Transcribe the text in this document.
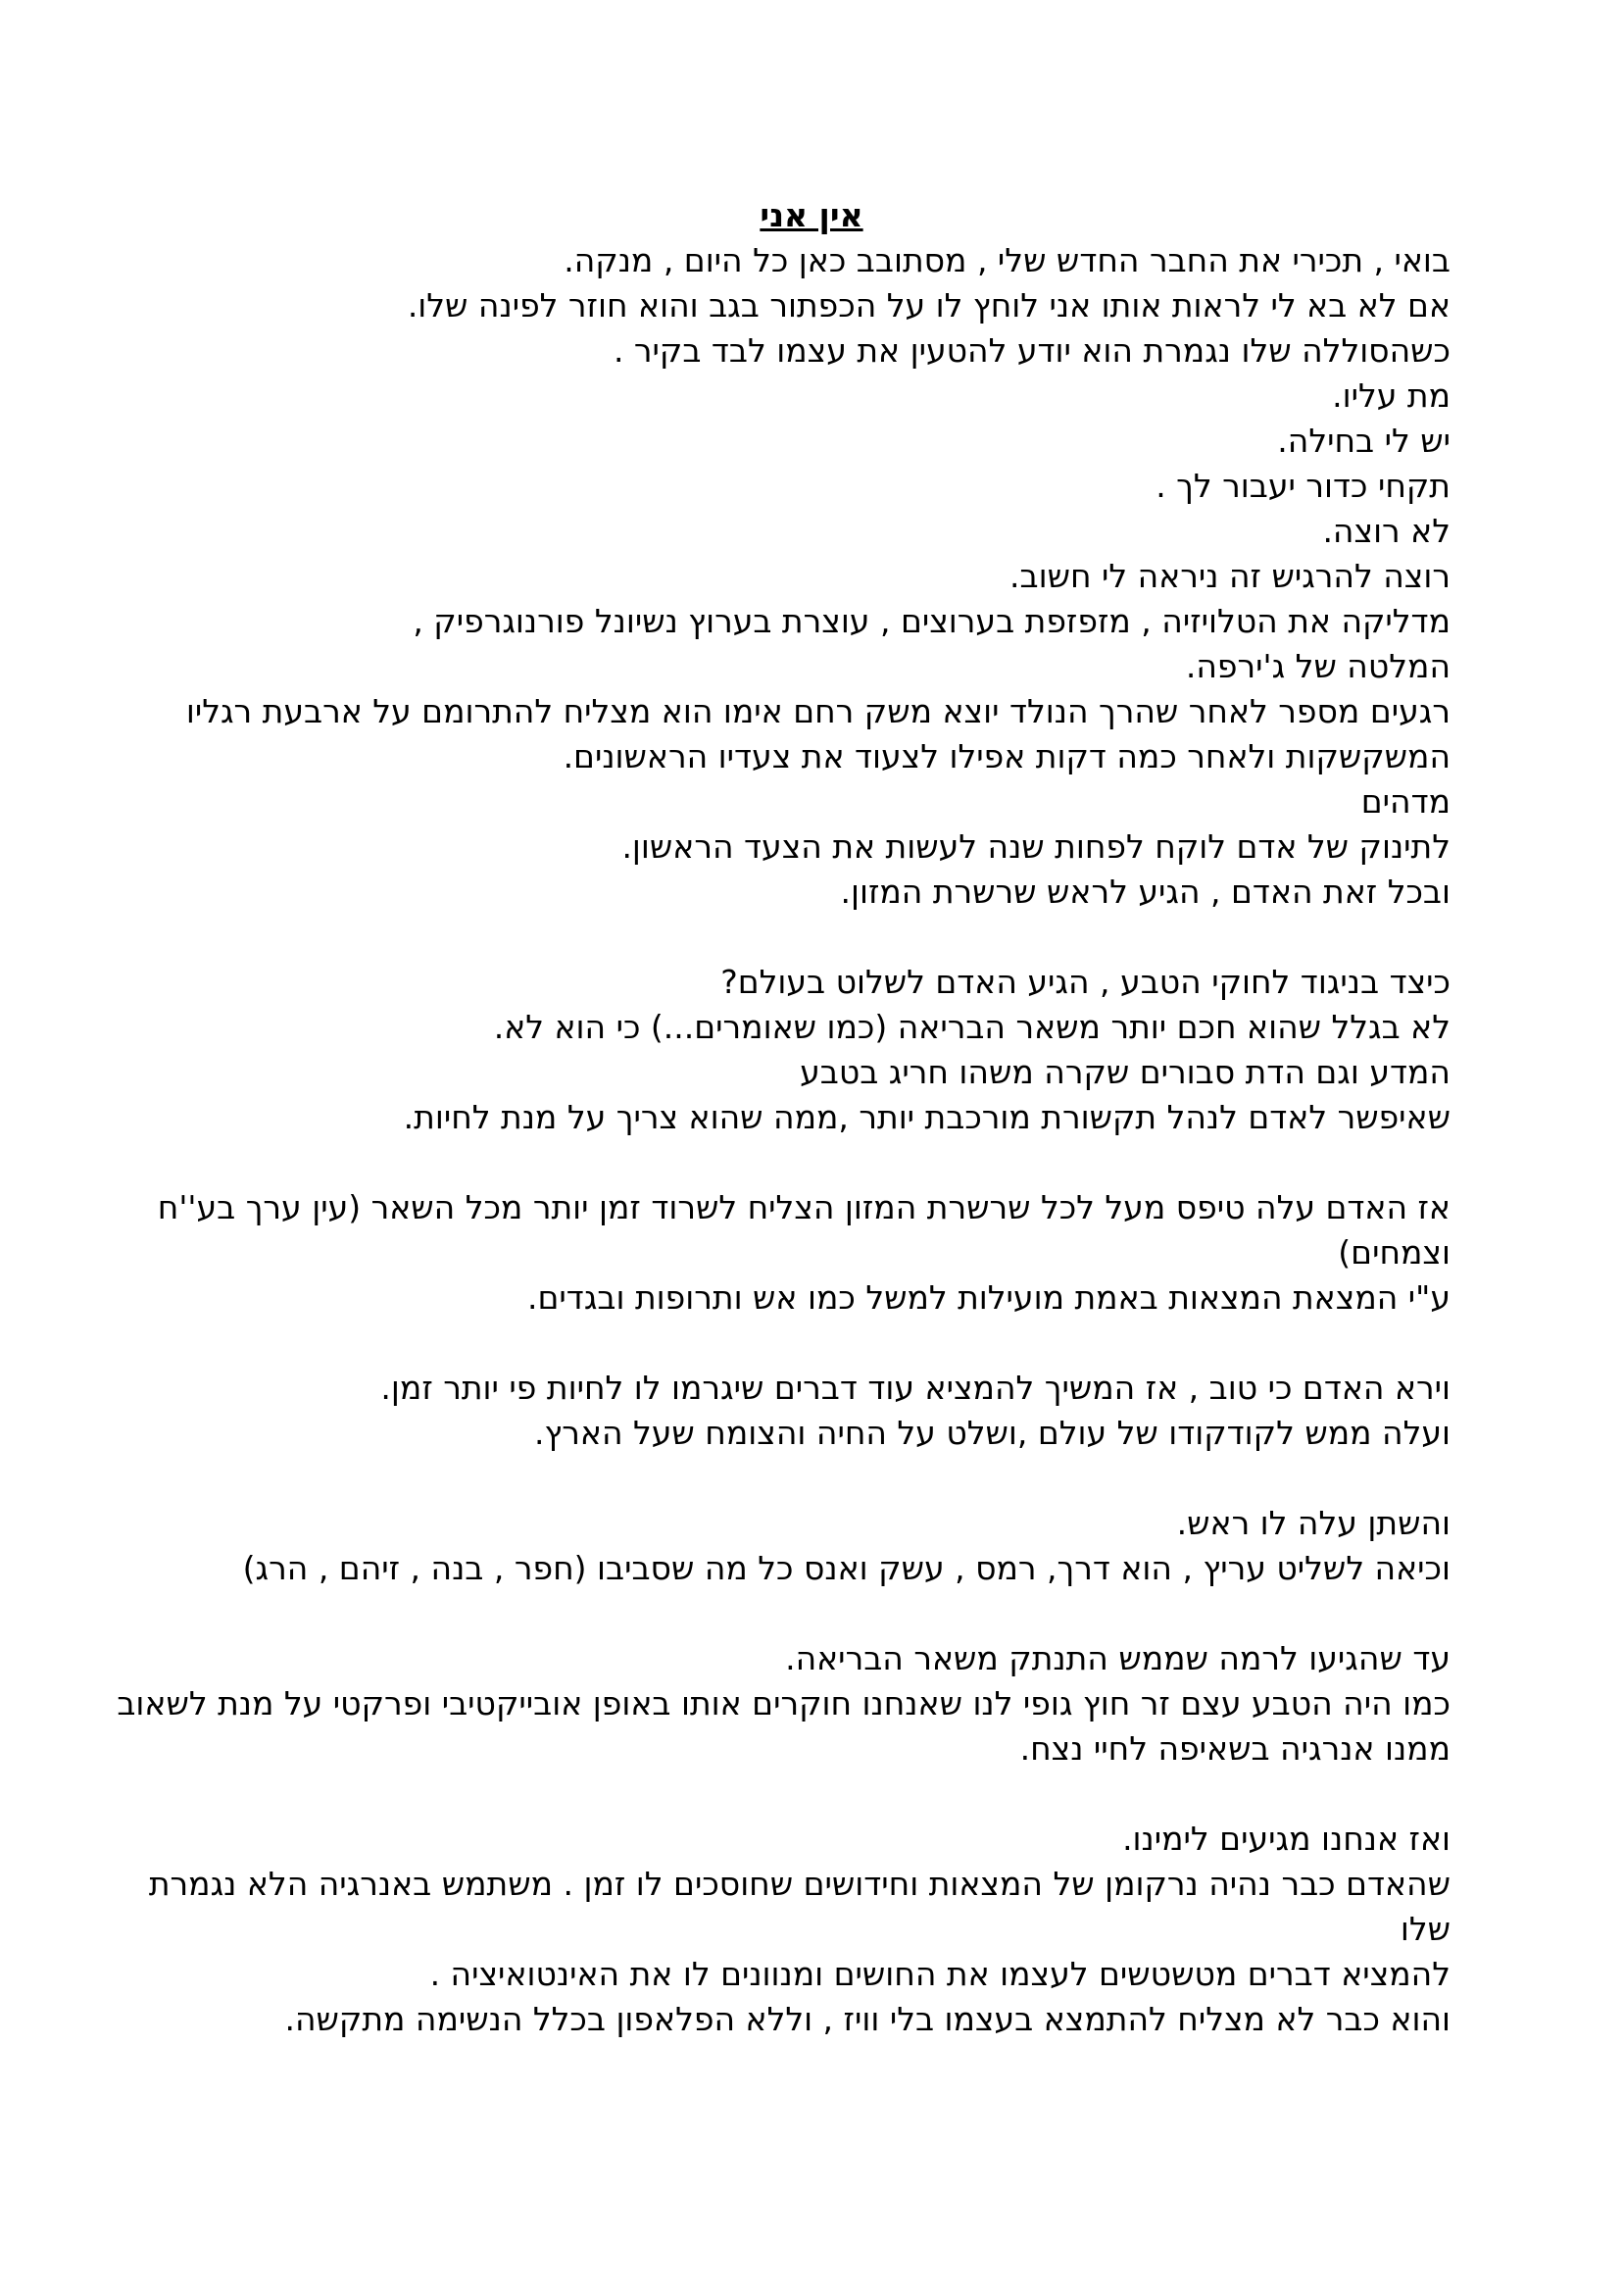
אין אני
בואי , תכירי את החבר החדש שלי , מסתובב כאן כל היום , מנקה.
אם לא בא לי לראות אותו אני לוחץ לו על הכפתור בגב והוא חוזר לפינה שלו.
כשהסוללה שלו נגמרת הוא יודע להטעין את עצמו לבד בקיר .
מת עליו.
יש לי בחילה.
תקחי כדור יעבור לך .
לא רוצה.
רוצה להרגיש זה ניראה לי חשוב.
מדליקה את הטלויזיה , מזפזפת בערוצים , עוצרת בערוץ נשיונל פורנוגרפיק ,
המלטה של ג'ירפה.
רגעים מספר לאחר שהרך הנולד יוצא משק רחם אימו הוא מצליח להתרומם על ארבעת רגליו
המשקשקות ולאחר כמה דקות אפילו לצעוד את צעדיו הראשונים.
מדהים
לתינוק של אדם לוקח לפחות שנה לעשות את הצעד הראשון.
ובכל זאת האדם , הגיע לראש שרשרת המזון.
כיצד בניגוד לחוקי הטבע , הגיע האדם לשלוט בעולם?
לא בגלל שהוא חכם יותר משאר הבריאה (כמו שאומרים...) כי הוא לא.
המדע וגם הדת סבורים שקרה משהו חריג בטבע
שאיפשר לאדם לנהל תקשורת מורכבת יותר ,ממה שהוא צריך על מנת לחיות.
אז האדם עלה טיפס מעל לכל שרשרת המזון הצליח לשרוד זמן יותר מכל השאר (עין ערך בע''ח
וצמחים)
ע"י המצאת המצאות באמת מועילות למשל כמו אש ותרופות ובגדים.
וירא האדם כי טוב , אז המשיך להמציא עוד דברים שיגרמו לו לחיות פי יותר זמן.
ועלה ממש לקודקודו של עולם ,ושלט על החיה והצומח שעל הארץ.
והשתן עלה לו ראש.
וכיאה לשליט עריץ , הוא דרך, רמס , עשק ואנס כל מה שסביבו (חפר , בנה , זיהם , הרג)
עד שהגיעו לרמה שממש התנתק משאר הבריאה.
כמו היה הטבע עצם זר חוץ גופי לנו שאנחנו חוקרים אותו באופן אובייקטיבי ופרקטי על מנת לשאוב
ממנו אנרגיה בשאיפה לחיי נצח.
ואז אנחנו מגיעים לימינו.
שהאדם כבר נהיה נרקומן של המצאות וחידושים שחוסכים לו זמן . משתמש באנרגיה הלא נגמרת
שלו
להמציא דברים מטשטשים לעצמו את החושים ומנוונים לו את האינטואיציה .
והוא כבר לא מצליח להתמצא בעצמו בלי וויז , וללא הפלאפון בכלל הנשימה מתקשה.
